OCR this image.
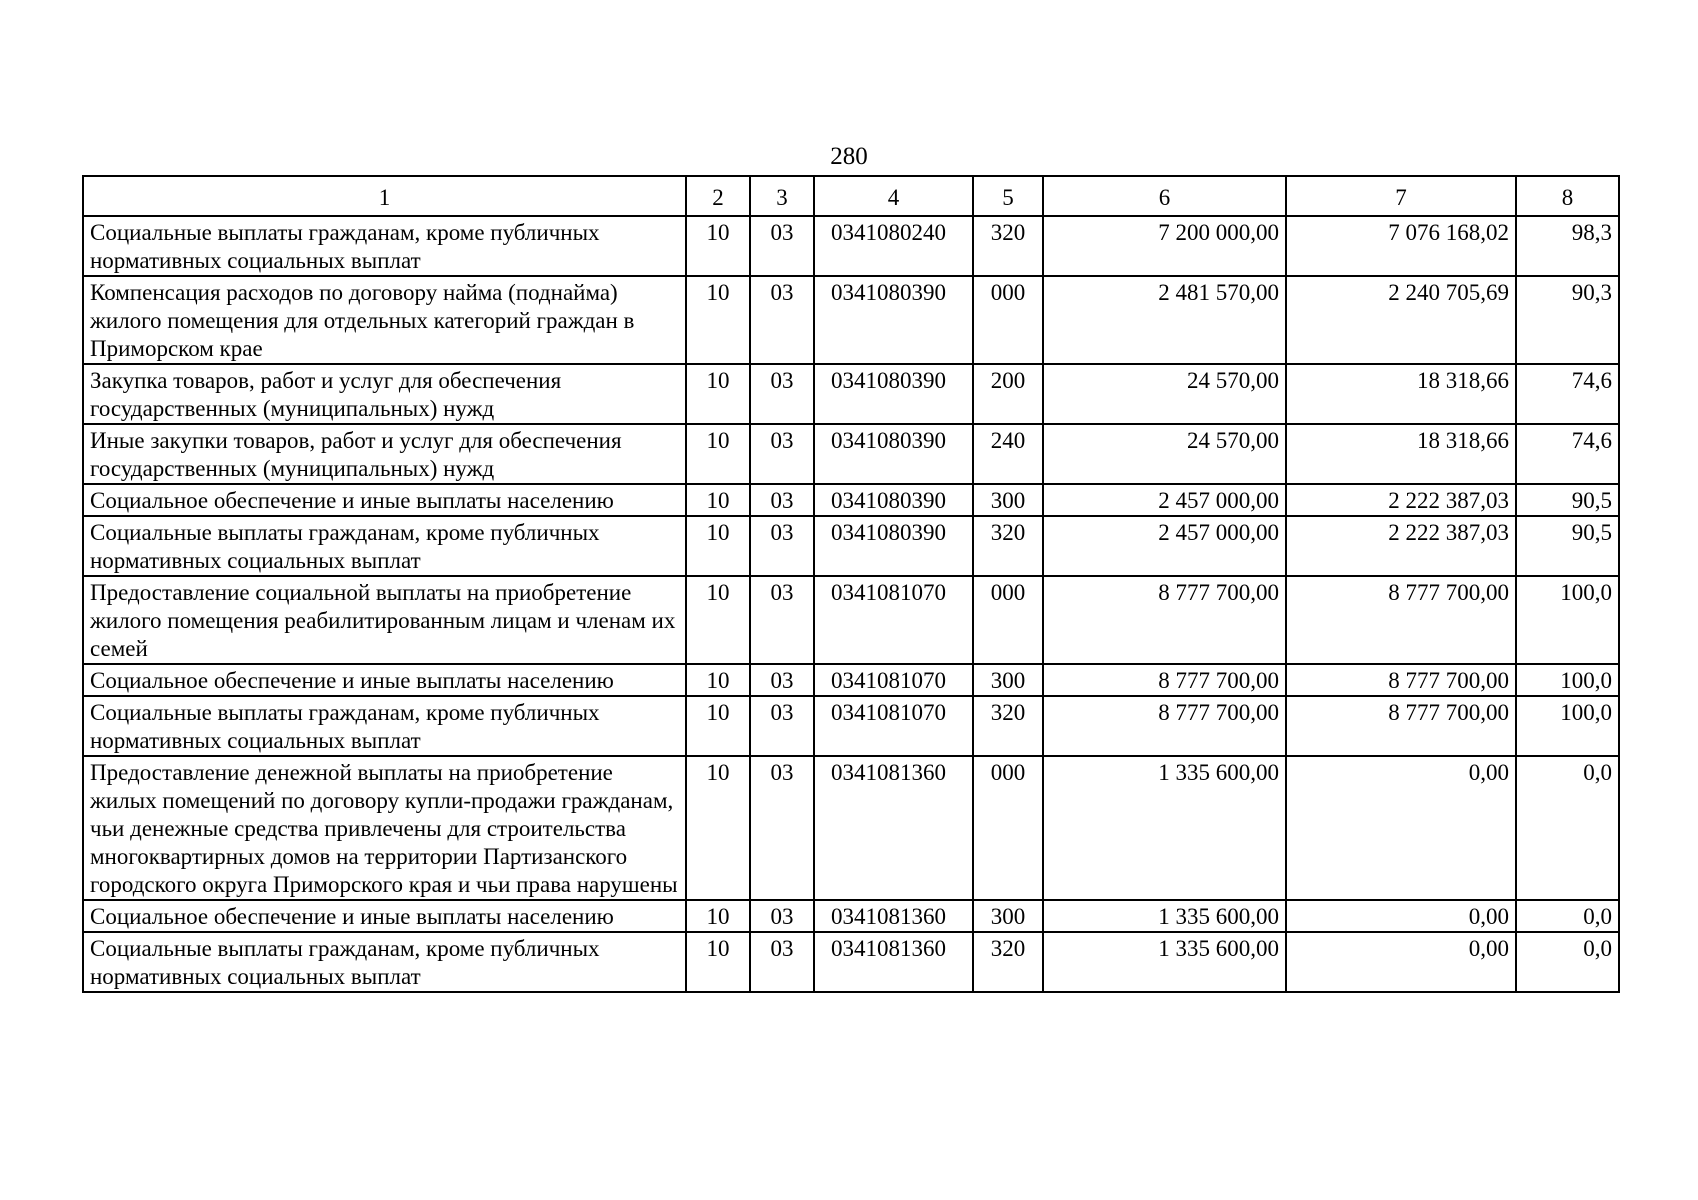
280
1	2	3	4	5	6	7	8
Социальные выплаты гражданам, кроме публичных нормативных социальных выплат	10	03	0341080240	320	7 200 000,00	7 076 168,02	98,3
Компенсация расходов по договору найма (поднайма) жилого помещения для отдельных категорий граждан в Приморском крае	10	03	0341080390	000	2 481 570,00	2 240 705,69	90,3
Закупка товаров, работ и услуг для обеспечения государственных (муниципальных) нужд	10	03	0341080390	200	24 570,00	18 318,66	74,6
Иные закупки товаров, работ и услуг для обеспечения государственных (муниципальных) нужд	10	03	0341080390	240	24 570,00	18 318,66	74,6
Социальное обеспечение и иные выплаты населению	10	03	0341080390	300	2 457 000,00	2 222 387,03	90,5
Социальные выплаты гражданам, кроме публичных нормативных социальных выплат	10	03	0341080390	320	2 457 000,00	2 222 387,03	90,5
Предоставление социальной выплаты на приобретение жилого помещения реабилитированным лицам и членам их семей	10	03	0341081070	000	8 777 700,00	8 777 700,00	100,0
Социальное обеспечение и иные выплаты населению	10	03	0341081070	300	8 777 700,00	8 777 700,00	100,0
Социальные выплаты гражданам, кроме публичных нормативных социальных выплат	10	03	0341081070	320	8 777 700,00	8 777 700,00	100,0
Предоставление денежной выплаты на приобретение жилых помещений по договору купли-продажи гражданам, чьи денежные средства привлечены для строительства многоквартирных домов на территории Партизанского городского округа Приморского края и чьи права нарушены	10	03	0341081360	000	1 335 600,00	0,00	0,0
Социальное обеспечение и иные выплаты населению	10	03	0341081360	300	1 335 600,00	0,00	0,0
Социальные выплаты гражданам, кроме публичных нормативных социальных выплат	10	03	0341081360	320	1 335 600,00	0,00	0,0
